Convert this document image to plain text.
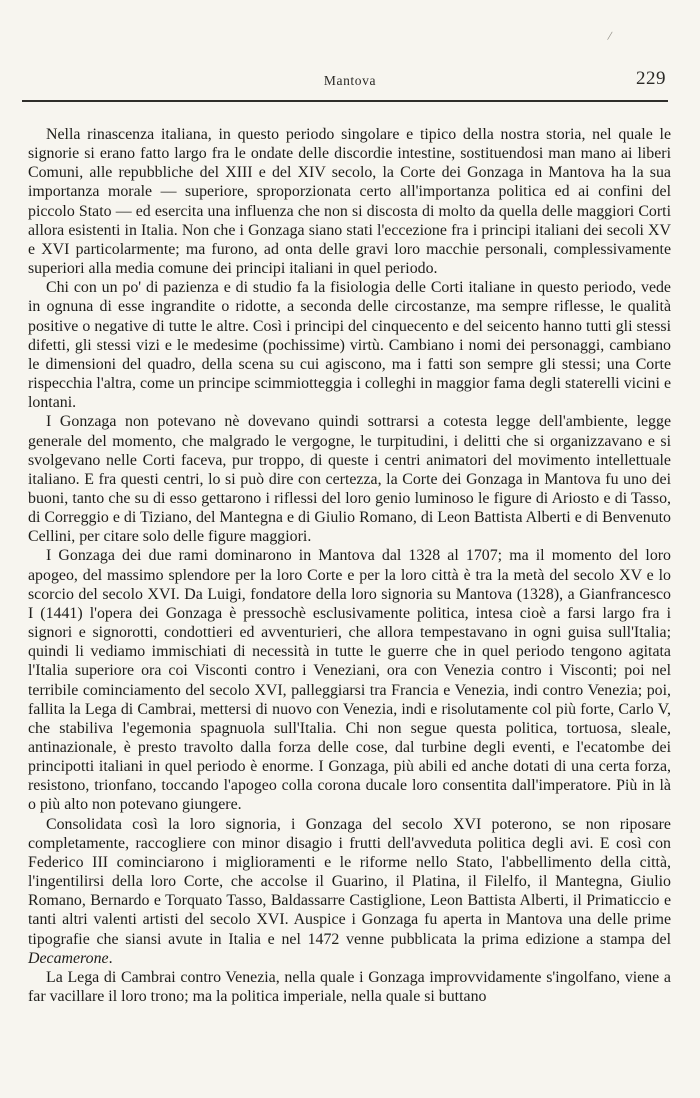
/
Mantova	229

Nella rinascenza italiana, in questo periodo singolare e tipico della nostra storia, nel quale le signorie si erano fatto largo fra le ondate delle discordie intestine, sostituendosi man mano ai liberi Comuni, alle repubbliche del XIII e del XIV secolo, la Corte dei Gonzaga in Mantova ha la sua importanza morale — superiore, sproporzionata certo all'importanza politica ed ai confini del piccolo Stato — ed esercita una influenza che non si discosta di molto da quella delle maggiori Corti allora esistenti in Italia. Non che i Gonzaga siano stati l'eccezione fra i principi italiani dei secoli XV e XVI particolarmente; ma furono, ad onta delle gravi loro macchie personali, complessivamente superiori alla media comune dei principi italiani in quel periodo.

Chi con un po' di pazienza e di studio fa la fisiologia delle Corti italiane in questo periodo, vede in ognuna di esse ingrandite o ridotte, a seconda delle circostanze, ma sempre riflesse, le qualità positive o negative di tutte le altre. Così i principi del cinquecento e del seicento hanno tutti gli stessi difetti, gli stessi vizi e le medesime (pochissime) virtù. Cambiano i nomi dei personaggi, cambiano le dimensioni del quadro, della scena su cui agiscono, ma i fatti son sempre gli stessi; una Corte rispecchia l'altra, come un principe scimmiotteggia i colleghi in maggior fama degli staterelli vicini e lontani.

I Gonzaga non potevano nè dovevano quindi sottrarsi a cotesta legge dell'ambiente, legge generale del momento, che malgrado le vergogne, le turpitudini, i delitti che si organizzavano e si svolgevano nelle Corti faceva, pur troppo, di queste i centri animatori del movimento intellettuale italiano. E fra questi centri, lo si può dire con certezza, la Corte dei Gonzaga in Mantova fu uno dei buoni, tanto che su di esso gettarono i riflessi del loro genio luminoso le figure di Ariosto e di Tasso, di Correggio e di Tiziano, del Mantegna e di Giulio Romano, di Leon Battista Alberti e di Benvenuto Cellini, per citare solo delle figure maggiori.

I Gonzaga dei due rami dominarono in Mantova dal 1328 al 1707; ma il momento del loro apogeo, del massimo splendore per la loro Corte e per la loro città è tra la metà del secolo XV e lo scorcio del secolo XVI. Da Luigi, fondatore della loro signoria su Mantova (1328), a Gianfrancesco I (1441) l'opera dei Gonzaga è pressochè esclusivamente politica, intesa cioè a farsi largo fra i signori e signorotti, condottieri ed avventurieri, che allora tempestavano in ogni guisa sull'Italia; quindi li vediamo immischiati di necessità in tutte le guerre che in quel periodo tengono agitata l'Italia superiore ora coi Visconti contro i Veneziani, ora con Venezia contro i Visconti; poi nel terribile cominciamento del secolo XVI, palleggiarsi tra Francia e Venezia, indi contro Venezia; poi, fallita la Lega di Cambrai, mettersi di nuovo con Venezia, indi e risolutamente col più forte, Carlo V, che stabiliva l'egemonia spagnuola sull'Italia. Chi non segue questa politica, tortuosa, sleale, antinazionale, è presto travolto dalla forza delle cose, dal turbine degli eventi, e l'ecatombe dei principotti italiani in quel periodo è enorme. I Gonzaga, più abili ed anche dotati di una certa forza, resistono, trionfano, toccando l'apogeo colla corona ducale loro consentita dall'imperatore. Più in là o più alto non potevano giungere.

Consolidata così la loro signoria, i Gonzaga del secolo XVI poterono, se non riposare completamente, raccogliere con minor disagio i frutti dell'avveduta politica degli avi. E così con Federico III cominciarono i miglioramenti e le riforme nello Stato, l'abbellimento della città, l'ingentilirsi della loro Corte, che accolse il Guarino, il Platina, il Filelfo, il Mantegna, Giulio Romano, Bernardo e Torquato Tasso, Baldassarre Castiglione, Leon Battista Alberti, il Primaticcio e tanti altri valenti artisti del secolo XVI. Auspice i Gonzaga fu aperta in Mantova una delle prime tipografie che siansi avute in Italia e nel 1472 venne pubblicata la prima edizione a stampa del Decamerone.

La Lega di Cambrai contro Venezia, nella quale i Gonzaga improvvidamente s'ingolfano, viene a far vacillare il loro trono; ma la politica imperiale, nella quale si buttano
